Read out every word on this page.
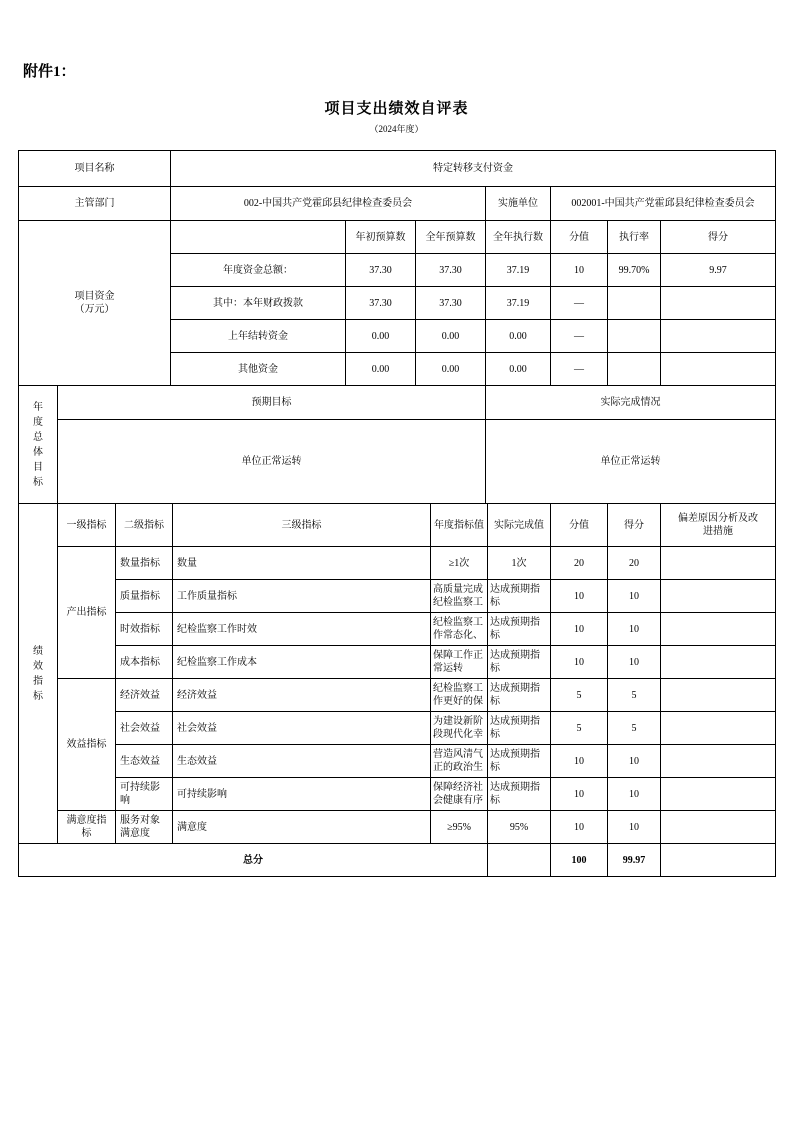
附件1：
项目支出绩效自评表
（2024年度）
项目名称	特定转移支付资金		
主管部门	002-中国共产党霍邱县纪律检查委员会	实施单位	002001-中国共产党霍邱县纪律检查委员会
项目资金（万元）		年初预算数	全年预算数	全年执行数	分值	执行率	得分
	年度资金总额：	37.30	37.30	37.19	10	99.70%	9.97
	其中：本年财政拨款	37.30	37.30	37.19	—		
	上年结转资金	0.00	0.00	0.00	—		
	其他资金	0.00	0.00	0.00	—		
年度总体目标	预期目标	实际完成情况
	单位正常运转	单位正常运转
绩效指标	一级指标	二级指标	三级指标	年度指标值	实际完成值	分值	得分	偏差原因分析及改进措施

	产出指标	数量指标	数量	≥1次	1次	20	20	
		质量指标	工作质量指标	高质量完成纪检监察工	达成预期指标	10	10	
		时效指标	纪检监察工作时效	纪检监察工作常态化、	达成预期指标	10	10	
		成本指标	纪检监察工作成本	保障工作正常运转	达成预期指标	10	10	
	效益指标	经济效益	经济效益	纪检监察工作更好的保	达成预期指标	5	5	
		社会效益	社会效益	为建设新阶段现代化幸	达成预期指标	5	5	
		生态效益	生态效益	营造风清气正的政治生	达成预期指标	10	10	
		可持续影响	可持续影响	保障经济社会健康有序	达成预期指标	10	10	
	满意度指标	服务对象满意度	满意度	≥95%	95%	10	10	
总分						100	99.97	
